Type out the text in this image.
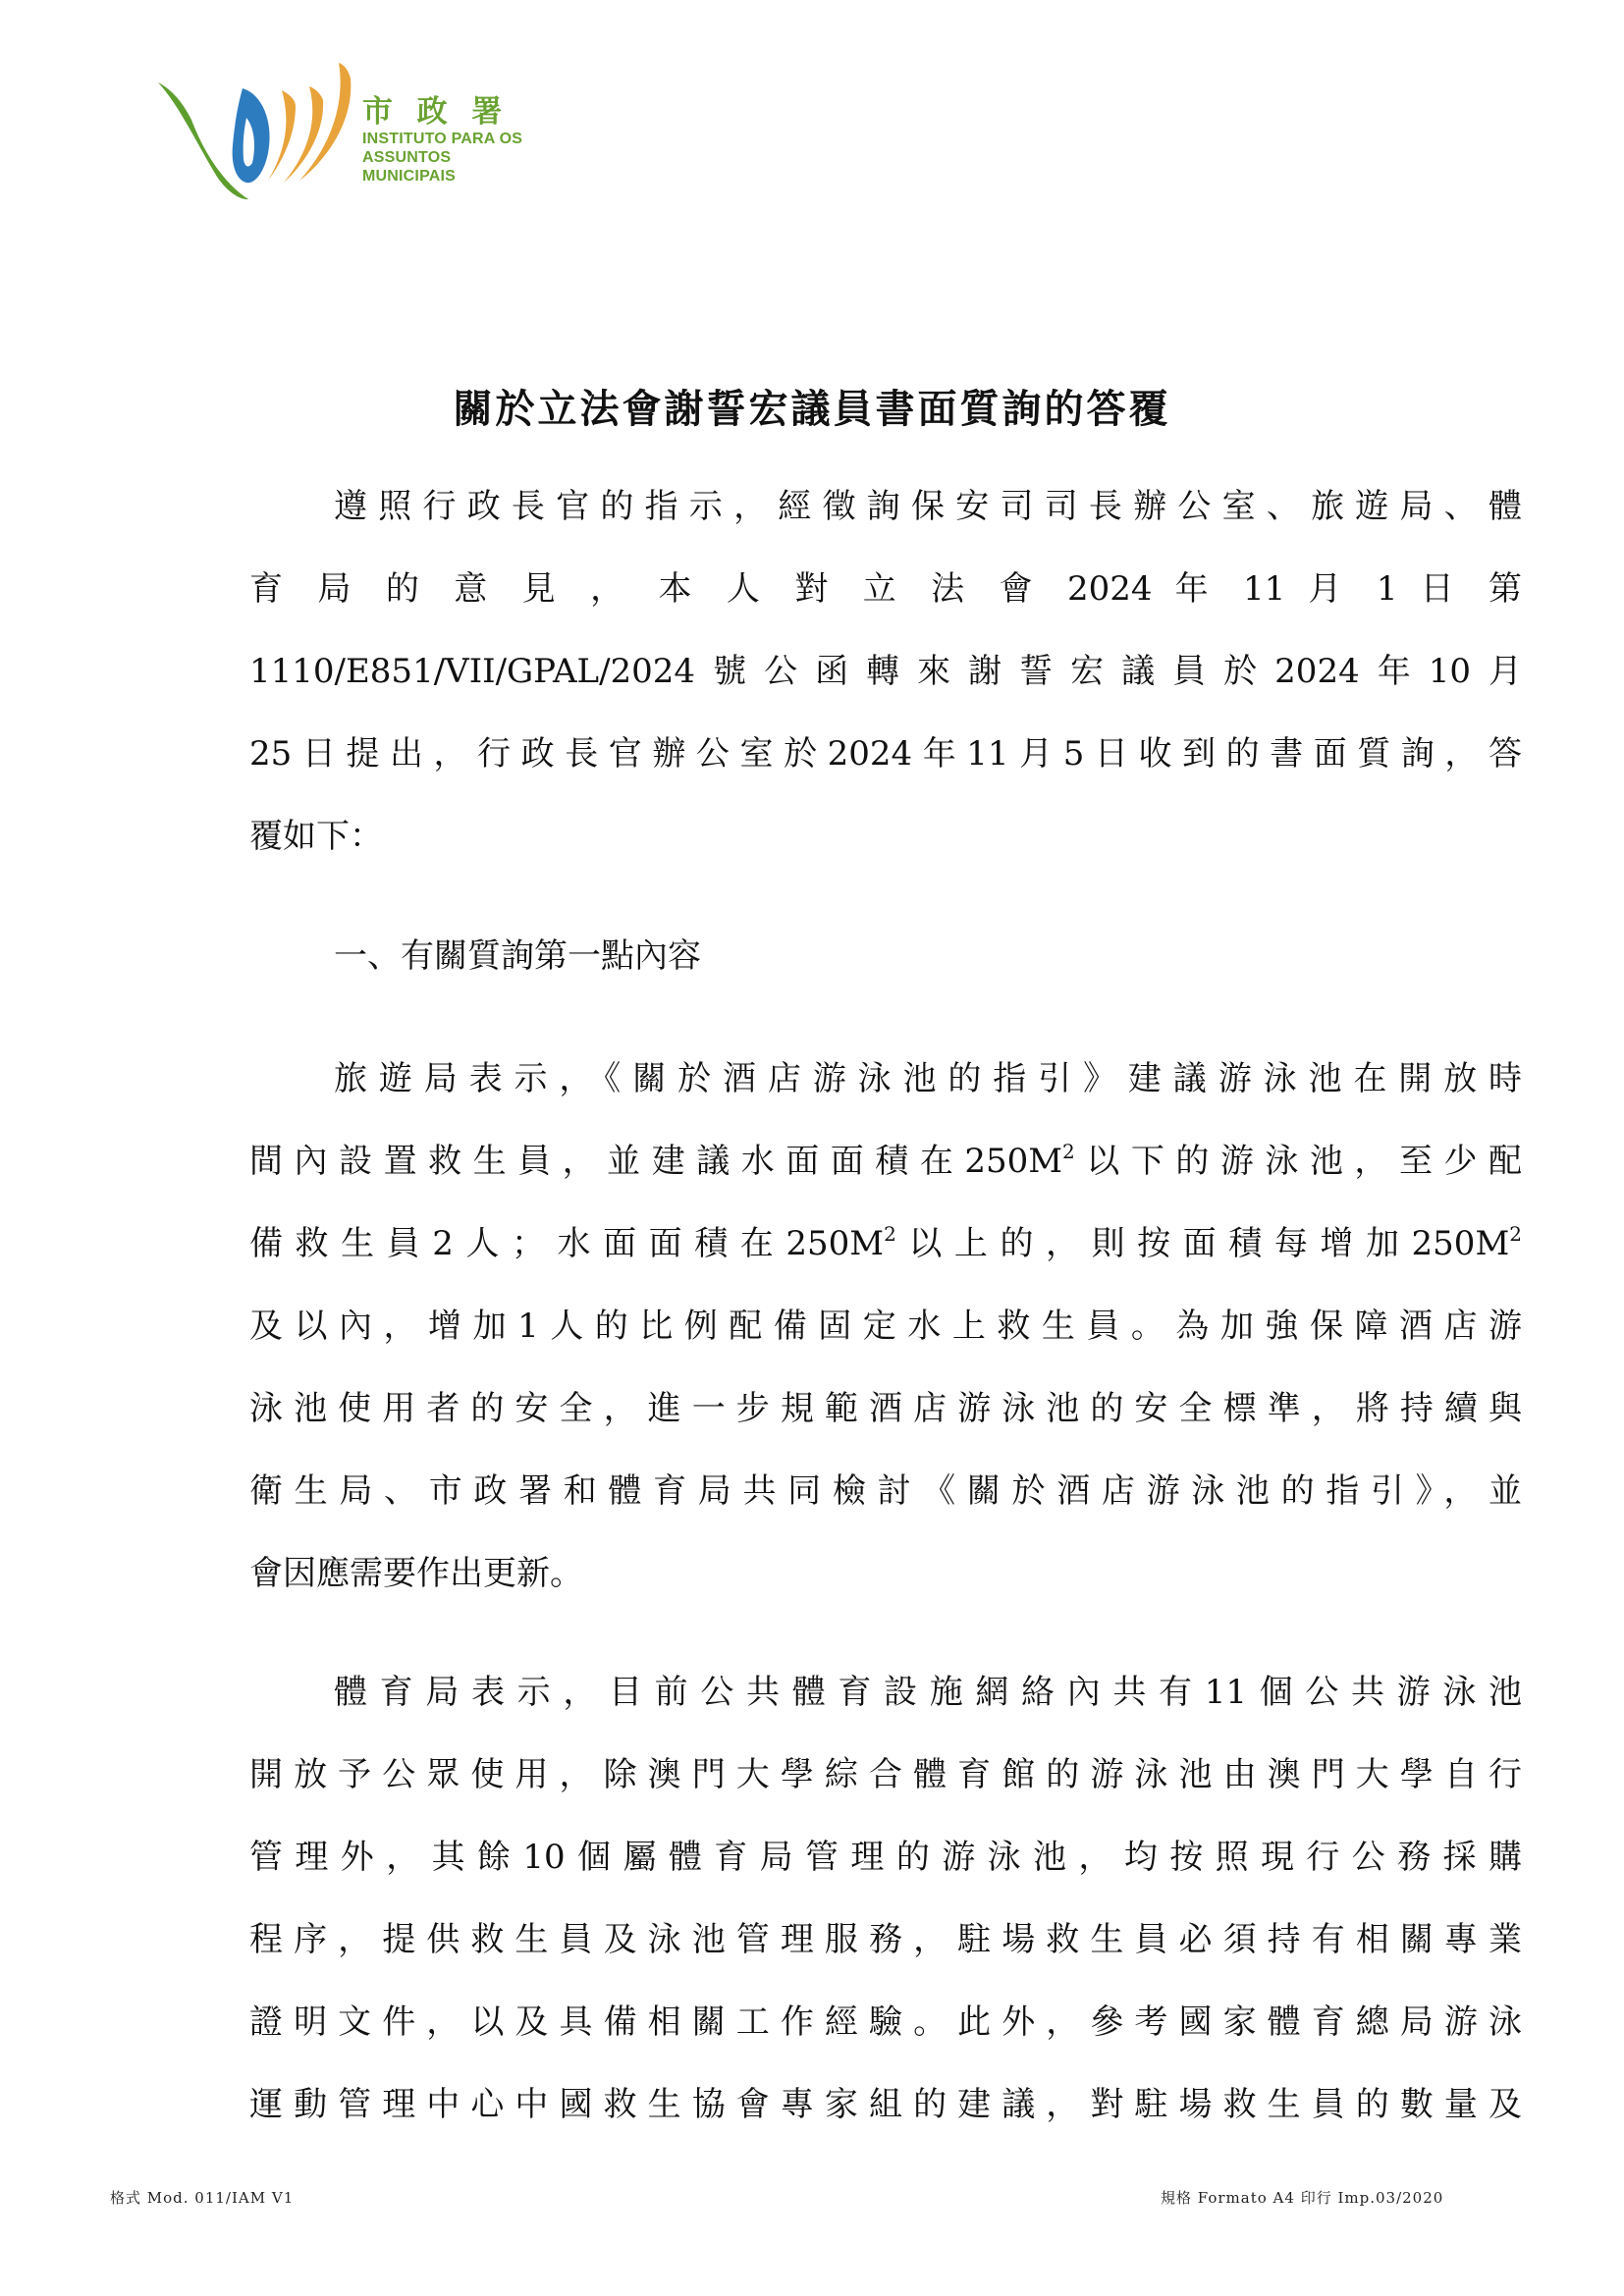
市 政 署
INSTITUTO PARA OS
ASSUNTOS MUNICIPAIS
關於立法會謝誓宏議員書面質詢的答覆
遵照行政長官的指示，經徵詢保安司司長辦公室、旅遊局、體
育 局 的 意 見 ， 本 人 對 立 法 會 2024 年 11 月 1 日 第
1110/E851/VII/GPAL/2024號公函轉來謝誓宏議員於2024年10月
25日提出，行政長官辦公室於2024年11月5日收到的書面質詢，答
覆如下：
一、有關質詢第一點內容
旅遊局表示，《關於酒店游泳池的指引》建議游泳池在開放時
間內設置救生員，並建議水面面積在$250M^2$以下的游泳池，至少配
備救生員2人；水面面積在$250M^2$以上的，則按面積每增加$250M^2$
及以內，增加1人的比例配備固定水上救生員。為加強保障酒店游
泳池使用者的安全，進一步規範酒店游泳池的安全標準，將持續與
衛生局、市政署和體育局共同檢討《關於酒店游泳池的指引》，並
會因應需要作出更新。
體育局表示，目前公共體育設施網絡內共有11個公共游泳池
開放予公眾使用，除澳門大學綜合體育館的游泳池由澳門大學自行
管理外，其餘10個屬體育局管理的游泳池，均按照現行公務採購
程序，提供救生員及泳池管理服務，駐場救生員必須持有相關專業
證明文件，以及具備相關工作經驗。此外，參考國家體育總局游泳
運動管理中心中國救生協會專家組的建議，對駐場救生員的數量及
格式 Mod. 011/IAM V1	規格 Formato A4 印行 Imp.03/2020
